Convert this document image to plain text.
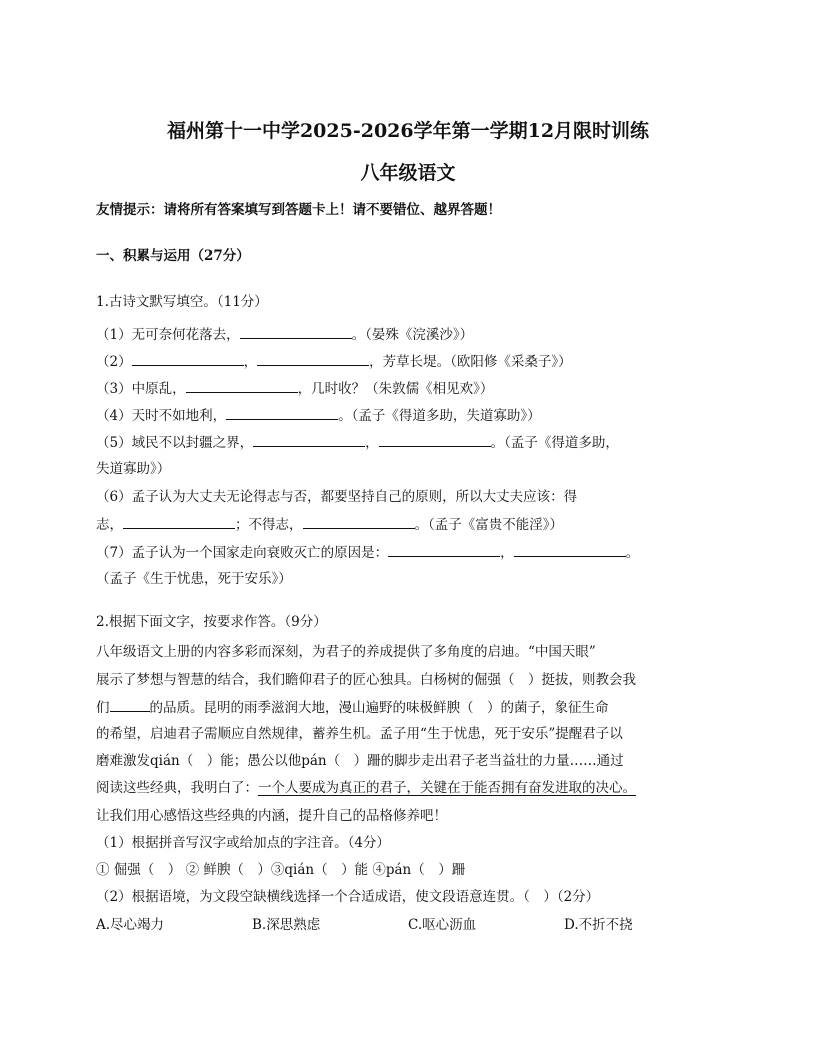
福州第十一中学2025-2026学年第一学期12月限时训练
八年级语文
友情提示：请将所有答案填写到答题卡上！请不要错位、越界答题！
一、积累与运用（27分）
1.古诗文默写填空。（11分）
（1）无可奈何花落去，	。（晏殊《浣溪沙》）
（2）	，	，芳草长堤。（欧阳修《采桑子》）
（3）中原乱，	，几时收？（朱敦儒《相见欢》）
（4）天时不如地利，	。（孟子《得道多助，失道寡助》）
（5）域民不以封疆之界，	，	。（孟子《得道多助，
失道寡助》）
（6）孟子认为大丈夫无论得志与否，都要坚持自己的原则，所以大丈夫应该：得
志，	；不得志，	。（孟子《富贵不能淫》）
（7）孟子认为一个国家走向衰败灭亡的原因是：	，	。
（孟子《生于忧患，死于安乐》）
2.根据下面文字，按要求作答。（9分）
八年级语文上册的内容多彩而深刻，为君子的养成提供了多角度的启迪。“中国天眼”
展示了梦想与智慧的结合，我们瞻仰君子的匠心独具。白杨树的倔强（　）挺拔，则教会我
们	的品质。昆明的雨季滋润大地，漫山遍野的味极鲜腴（　）的菌子，象征生命
的希望，启迪君子需顺应自然规律，蓄养生机。孟子用“生于忧患，死于安乐”提醒君子以
磨难激发qián（　）能；愚公以他pán（　）跚的脚步走出君子老当益壮的力量……通过
阅读这些经典，我明白了：一个人要成为真正的君子，关键在于能否拥有奋发进取的决心。
让我们用心感悟这些经典的内涵，提升自己的品格修养吧！
（1）根据拼音写汉字或给加点的字注音。（4分）
① 倔强（　） ② 鲜腴（　）③qián（　）能 ④pán（　）跚
（2）根据语境，为文段空缺横线选择一个合适成语，使文段语意连贯。（　）（2分）
A.尽心竭力	B.深思熟虑	C.呕心沥血	D.不折不挠
